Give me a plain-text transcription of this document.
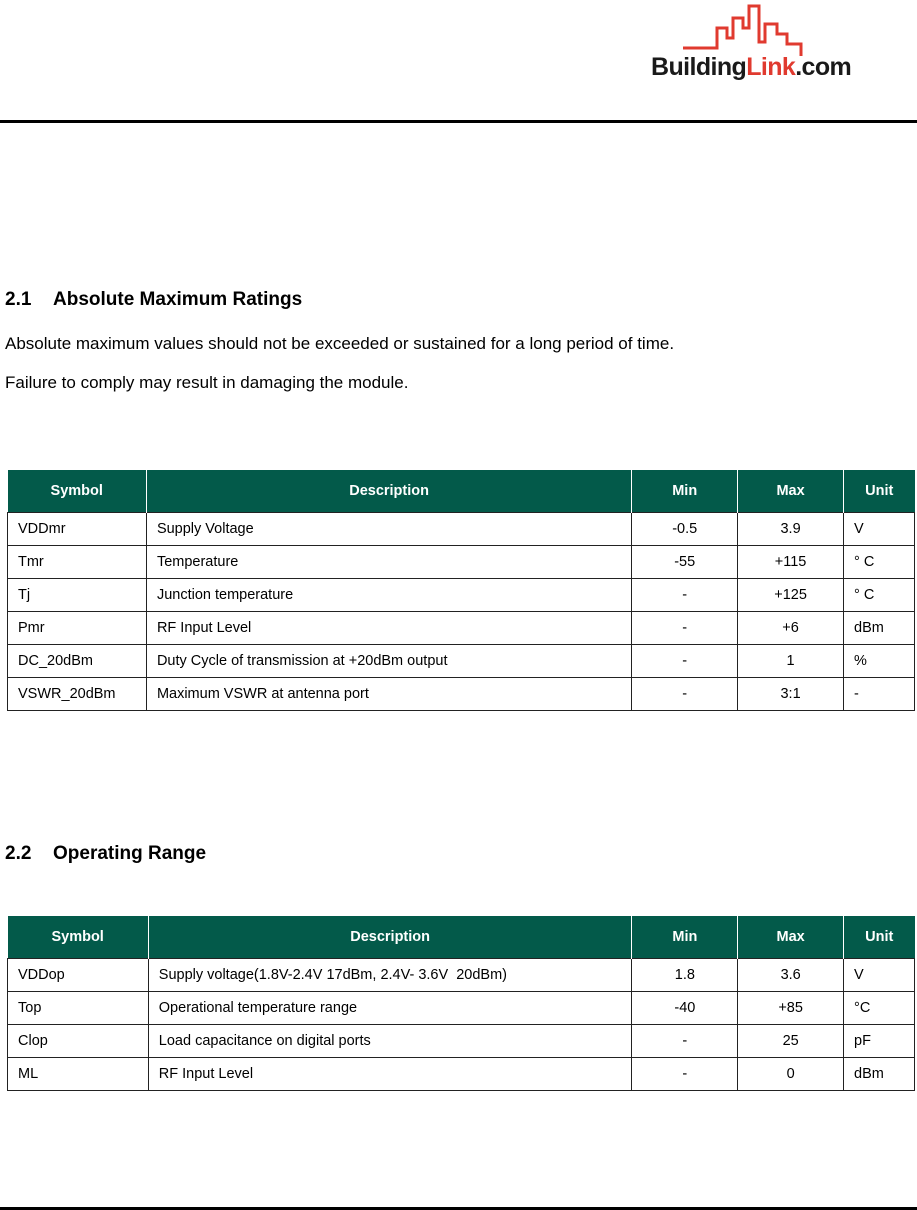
BuildingLink.com
2.1 Absolute Maximum Ratings
Absolute maximum values should not be exceeded or sustained for a long period of time.
Failure to comply may result in damaging the module.
Symbol	Description	Min	Max	Unit
VDDmr	Supply Voltage	-0.5	3.9	V
Tmr	Temperature	-55	+115	° C
Tj	Junction temperature	-	+125	° C
Pmr	RF Input Level	-	+6	dBm
DC_20dBm	Duty Cycle of transmission at +20dBm output	-	1	%
VSWR_20dBm	Maximum VSWR at antenna port	-	3:1	-
2.2 Operating Range
Symbol	Description	Min	Max	Unit
VDDop	Supply voltage(1.8V-2.4V 17dBm, 2.4V- 3.6V  20dBm)	1.8	3.6	V
Top	Operational temperature range	-40	+85	°C
Clop	Load capacitance on digital ports	-	25	pF
ML	RF Input Level	-	0	dBm
